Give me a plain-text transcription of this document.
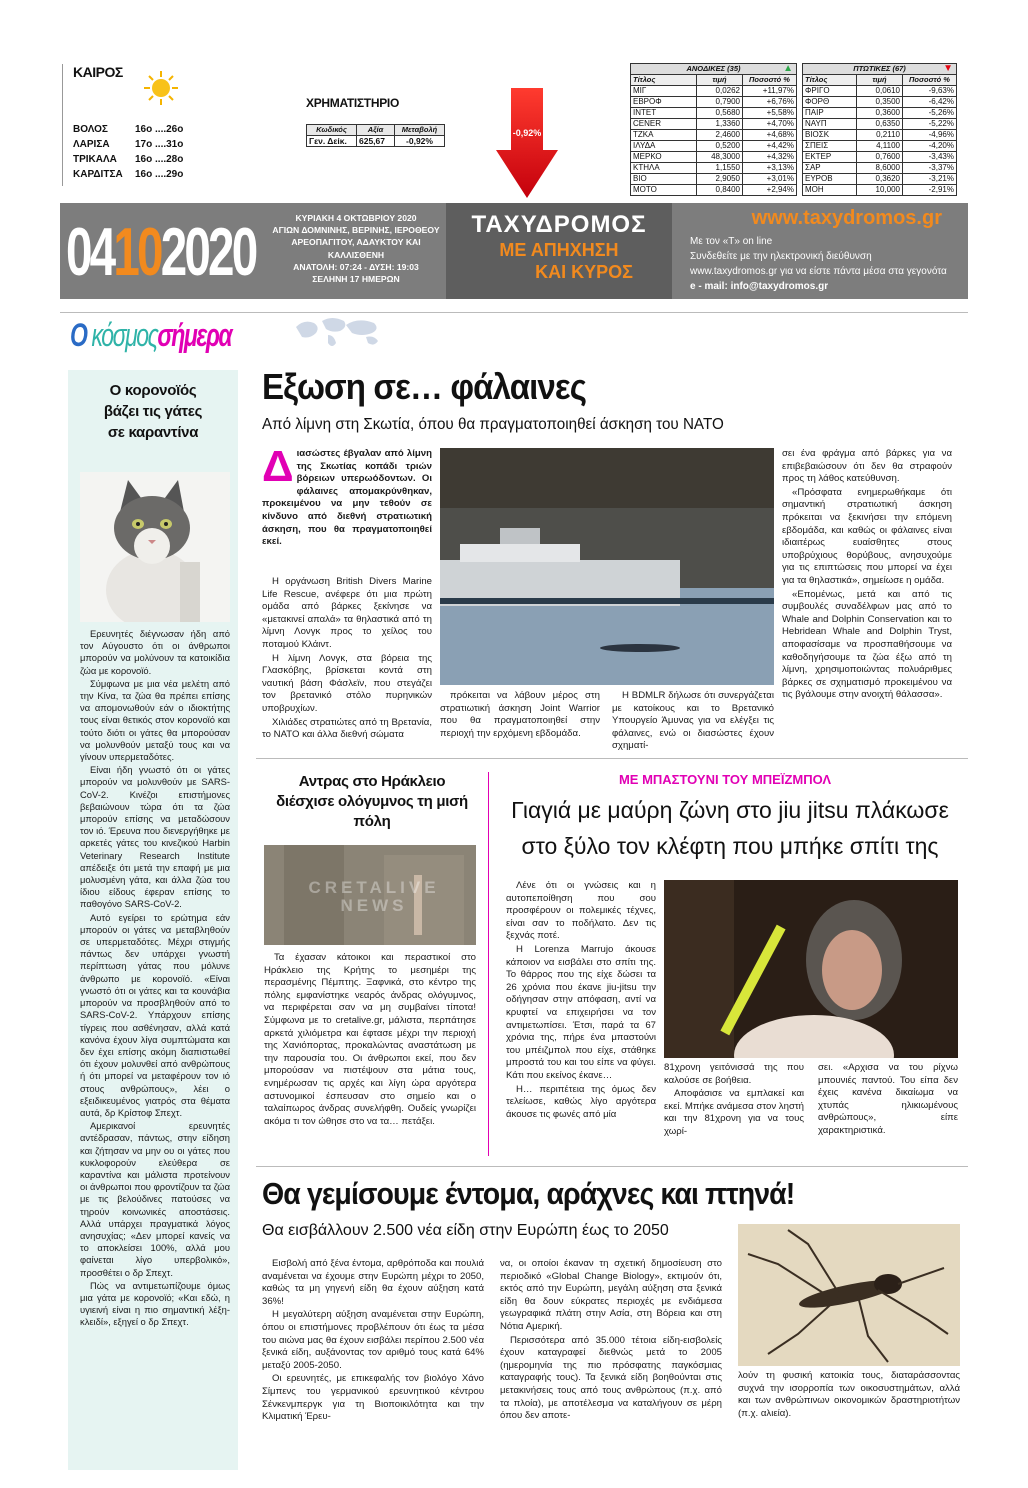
ΚΑΙΡΟΣ
ΒΟΛΟΣ	16ο ....26ο
ΛΑΡΙΣΑ	17ο ....31ο
ΤΡΙΚΑΛΑ	16ο ....28ο
ΚΑΡΔΙΤΣΑ	16ο ....29ο
ΧΡΗΜΑΤΙΣΤΗΡΙΟ
Κωδικός	Αξία	Μεταβολή
Γεν. Δείκ.	625,67	-0,92%
-0,92%
ΑΝΟΔΙΚΕΣ (35) ▲		

Τίτλος	τιμή	Ποσοστό %
ΜΙΓ	0,0262	+11,97%
ΕΒΡΟΦ	0,7900	+6,76%
ΙΝΤΕΤ	0,5680	+5,58%
CENER	1,3360	+4,70%
ΤΖΚΑ	2,4600	+4,68%
ΙΛΥΔΑ	0,5200	+4,42%
ΜΕΡΚΟ	48,3000	+4,32%
ΚΤΗΛΑ	1,1550	+3,13%
ΒΙΟ	2,9050	+3,01%
ΜΟΤΟ	0,8400	+2,94%
ΠΤΩΤΙΚΕΣ (67) ▼		

Τίτλος	τιμή	Ποσοστό %
ΦΡΙΓΟ	0,0610	-9,63%
ΦΟΡΘ	0,3500	-6,42%
ΠΑΙΡ	0,3600	-5,26%
ΝΑΥΠ	0,6350	-5,22%
ΒΙΟΣΚ	0,2110	-4,96%
ΣΠΕΙΣ	4,1100	-4,20%
ΕΚΤΕΡ	0,7600	-3,43%
ΣΑΡ	8,6000	-3,37%
ΕΥΡΟΒ	0,3620	-3,21%
ΜΟΗ	10,000	-2,91%
04102020	ΚΥΡΙΑΚΗ 4 ΟΚΤΩΒΡΙΟΥ 2020
ΑΓΙΩΝ ΔΟΜΝΙΝΗΣ, ΒΕΡΙΝΗΣ, ΙΕΡΟΘΕΟΥ
ΑΡΕΟΠΑΓΙΤΟΥ, ΑΔΑΥΚΤΟΥ ΚΑΙ ΚΑΛΛΙΣΘΕΝΗ
ΑΝΑΤΟΛΗ: 07:24 - ΔΥΣΗ: 19:03
ΣΕΛΗΝΗ 17 ΗΜΕΡΩΝ
ΤΑΧΥΔΡΟΜΟΣ
ΜΕ ΑΠΗΧΗΣΗ
ΚΑΙ ΚΥΡΟΣ
www.taxydromos.gr
Με τον «Τ» on line
Συνδεθείτε με την ηλεκτρονική διεύθυνση
www.taxydromos.gr για να είστε πάντα μέσα στα γεγονότα
e - mail: info@taxydromos.gr
Ο κόσμοςσήμερα
Ο κορονοϊός βάζει τις γάτες σε καραντίνα

Ερευνητές διέγνωσαν ήδη από τον Αύγουστο ότι οι άνθρωποι μπορούν να μολύνουν τα κατοικίδια ζώα με κορονοϊό.

Σύμφωνα με μια νέα μελέτη από την Κίνα, τα ζώα θα πρέπει επίσης να απομονωθούν εάν ο ιδιοκτήτης τους είναι θετικός στον κορονοϊό και τούτο διότι οι γάτες θα μπορούσαν να μολυνθούν μεταξύ τους και να γίνουν υπερμεταδότες.

Είναι ήδη γνωστό ότι οι γάτες μπορούν να μολυνθούν με SARS-CoV-2. Κινέζοι επιστήμονες βεβαιώνουν τώρα ότι τα ζώα μπορούν επίσης να μεταδώσουν τον ιό. Έρευνα που διενεργήθηκε με αρκετές γάτες του κινεζικού Harbin Veterinary Research Institute απέδειξε ότι μετά την επαφή με μια μολυσμένη γάτα, και άλλα ζώα του ίδιου είδους έφεραν επίσης το παθογόνο SARS-CoV-2.

Αυτό εγείρει το ερώτημα εάν μπορούν οι γάτες να μεταβληθούν σε υπερμεταδότες. Μέχρι στιγμής πάντως δεν υπάρχει γνωστή περίπτωση γάτας που μόλυνε άνθρωπο με κορονοϊό. «Είναι γνωστό ότι οι γάτες και τα κουνάβια μπορούν να προσβληθούν από το SARS-CoV-2. Υπάρχουν επίσης τίγρεις που ασθένησαν, αλλά κατά κανόνα έχουν λίγα συμπτώματα και δεν έχει επίσης ακόμη διαπιστωθεί ότι έχουν μολυνθεί από ανθρώπους ή ότι μπορεί να μεταφέρουν τον ιό στους ανθρώπους», λέει ο εξειδικευμένος γιατρός στα θέματα αυτά, δρ Κρίστοφ Σπεχτ.

Αμερικανοί ερευνητές αντέδρασαν, πάντως, στην είδηση και ζήτησαν να μην ου οι γάτες που κυκλοφορούν ελεύθερα σε καραντίνα και μάλιστα προτείνουν οι άνθρωποι που φροντίζουν τα ζώα με τις βελούδινες πατούσες να τηρούν κοινωνικές αποστάσεις. Αλλά υπάρχει πραγματικά λόγος ανησυχίας; «Δεν μπορεί κανείς να το αποκλείσει 100%, αλλά μου φαίνεται λίγο υπερβολικό», προσθέτει ο δρ Σπεχτ.

Πώς να αντιμετωπίζουμε όμως μια γάτα με κορονοϊό; «Και εδώ, η υγιεινή είναι η πιο σημαντική λέξη-κλειδί», εξηγεί ο δρ Σπεχτ.

Εξωση σε… φάλαινες
Από λίμνη στη Σκωτία, όπου θα πραγματοποιηθεί άσκηση του ΝΑΤΟ
Δ ιασώστες έβγαλαν από λίμνη της Σκωτίας κοπάδι τριών βόρειων υπερωόδοντων. Οι φάλαινες απομακρύνθηκαν, προκειμένου να μην τεθούν σε κίνδυνο από διεθνή στρατιωτική άσκηση, που θα πραγματοποιηθεί εκεί.

Η οργάνωση British Divers Marine Life Rescue, ανέφερε ότι μια πρώτη ομάδα από βάρκες ξεκίνησε να «μετακινεί απαλά» τα θηλαστικά από τη λίμνη Λονγκ προς το χείλος του ποταμού Κλάιντ.

Η λίμνη Λονγκ, στα βόρεια της Γλασκόβης, βρίσκεται κοντά στη ναυτική βάση Φάσλεϊν, που στεγάζει τον βρετανικό στόλο πυρηνικών υποβρυχίων.

Χιλιάδες στρατιώτες από τη Βρετανία, το ΝΑΤΟ και άλλα διεθνή σώματα

πρόκειται να λάβουν μέρος στη στρατιωτική άσκηση Joint Warrior που θα πραγματοποιηθεί στην περιοχή την ερχόμενη εβδομάδα.

Η BDMLR δήλωσε ότι συνεργάζεται με κατοίκους και το Βρετανικό Υπουργείο Άμυνας για να ελέγξει τις φάλαινες, ενώ οι διασώστες έχουν σχηματί-

σει ένα φράγμα από βάρκες για να επιβεβαιώσουν ότι δεν θα στραφούν προς τη λάθος κατεύθυνση.

«Πρόσφατα ενημερωθήκαμε ότι σημαντική στρατιωτική άσκηση πρόκειται να ξεκινήσει την επόμενη εβδομάδα, και καθώς οι φάλαινες είναι ιδιαιτέρως ευαίσθητες στους υποβρύχιους θορύβους, ανησυχούμε για τις επιπτώσεις που μπορεί να έχει για τα θηλαστικά», σημείωσε η ομάδα.

«Επομένως, μετά και από τις συμβουλές συναδέλφων μας από το Whale and Dolphin Conservation και το Hebridean Whale and Dolphin Tryst, αποφασίσαμε να προσπαθήσουμε να καθοδηγήσουμε τα ζώα έξω από τη λίμνη, χρησιμοποιώντας πολυάριθμες βάρκες σε σχηματισμό προκειμένου να τις βγάλουμε στην ανοιχτή θάλασσα».

Αντρας στο Ηράκλειο διέσχισε ολόγυμνος τη μισή πόλη
CRETALIVE NEWS

Τα έχασαν κάτοικοι και περαστικοί στο Ηράκλειο της Κρήτης το μεσημέρι της περασμένης Πέμπτης. Ξαφνικά, στο κέντρο της πόλης εμφανίστηκε νεαρός άνδρας ολόγυμνος, να περιφέρεται σαν να μη συμβαίνει τίποτα! Σύμφωνα με το cretalive.gr, μάλιστα, περπάτησε αρκετά χιλιόμετρα και έφτασε μέχρι την περιοχή της Χανιόπορτας, προκαλώντας αναστάτωση με την παρουσία του. Οι άνθρωποι εκεί, που δεν μπορούσαν να πιστέψουν στα μάτια τους, ενημέρωσαν τις αρχές και λίγη ώρα αργότερα αστυνομικοί έσπευσαν στο σημείο και ο ταλαίπωρος άνδρας συνελήφθη. Ουδείς γνωρίζει ακόμα τι τον ώθησε στο να τα… πετάξει.

ΜΕ ΜΠΑΣΤΟΥΝΙ ΤΟΥ ΜΠΕΪΖΜΠΟΛ
Γιαγιά με μαύρη ζώνη στο jiu jitsu πλάκωσε
στο ξύλο τον κλέφτη που μπήκε σπίτι της

Λένε ότι οι γνώσεις και η αυτοπεποίθηση που σου προσφέρουν οι πολεμικές τέχνες, είναι σαν το ποδήλατο. Δεν τις ξεχνάς ποτέ.

Η Lorenza Marrujo άκουσε κάποιον να εισβάλει στο σπίτι της. Το θάρρος που της είχε δώσει τα 26 χρόνια που έκανε jiu-jitsu την οδήγησαν στην απόφαση, αντί να κρυφτεί να επιχειρήσει να τον αντιμετωπίσει. Έτσι, παρά τα 67 χρόνια της, πήρε ένα μπαστούνι του μπέιζμπολ που είχε, στάθηκε μπροστά του και του είπε να φύγει. Κάτι που εκείνος έκανε…

Η… περιπέτεια της όμως δεν τελείωσε, καθώς λίγο αργότερα άκουσε τις φωνές από μία

81χρονη γειτόνισσά της που καλούσε σε βοήθεια.

Αποφάσισε να εμπλακεί και εκεί. Μπήκε ανάμεσα στον ληστή και την 81χρονη για να τους χωρί-

σει. «Αρχισα να του ρίχνω μπουνιές παντού. Του είπα δεν έχεις κανένα δικαίωμα να χτυπάς ηλικιωμένους ανθρώπους», είπε χαρακτηριστικά.

Θα γεμίσουμε έντομα, αράχνες και πτηνά!
Θα εισβάλλουν 2.500 νέα είδη στην Ευρώπη έως το 2050

Εισβολή από ξένα έντομα, αρθρόποδα και πουλιά αναμένεται να έχουμε στην Ευρώπη μέχρι το 2050, καθώς τα μη γηγενή είδη θα έχουν αύξηση κατά 36%!

Η μεγαλύτερη αύξηση αναμένεται στην Ευρώπη, όπου οι επιστήμονες προβλέπουν ότι έως τα μέσα του αιώνα μας θα έχουν εισβάλει περίπου 2.500 νέα ξενικά είδη, αυξάνοντας τον αριθμό τους κατά 64% μεταξύ 2005-2050.

Οι ερευνητές, με επικεφαλής τον βιολόγο Χάνο Σίμπενς του γερμανικού ερευνητικού κέντρου Σένκενμπεργκ για τη Βιοποικιλότητα και την Κλιματική Έρευ-

να, οι οποίοι έκαναν τη σχετική δημοσίευση στο περιοδικό «Global Change Biology», εκτιμούν ότι, εκτός από την Ευρώπη, μεγάλη αύξηση στα ξενικά είδη θα δουν εύκρατες περιοχές με ενδιάμεσα γεωγραφικά πλάτη στην Ασία, στη Βόρεια και στη Νότια Αμερική.

Περισσότερα από 35.000 τέτοια είδη-εισβολείς έχουν καταγραφεί διεθνώς μετά το 2005 (ημερομηνία της πιο πρόσφατης παγκόσμιας καταγραφής τους). Τα ξενικά είδη βοηθούνται στις μετακινήσεις τους από τους ανθρώπους (π.χ. από τα πλοία), με αποτέλεσμα να καταλήγουν σε μέρη όπου δεν αποτε-

λούν τη φυσική κατοικία τους, διαταράσσοντας συχνά την ισορροπία των οικοσυστημάτων, αλλά και των ανθρώπινων οικονομικών δραστηριοτήτων (π.χ. αλιεία).
